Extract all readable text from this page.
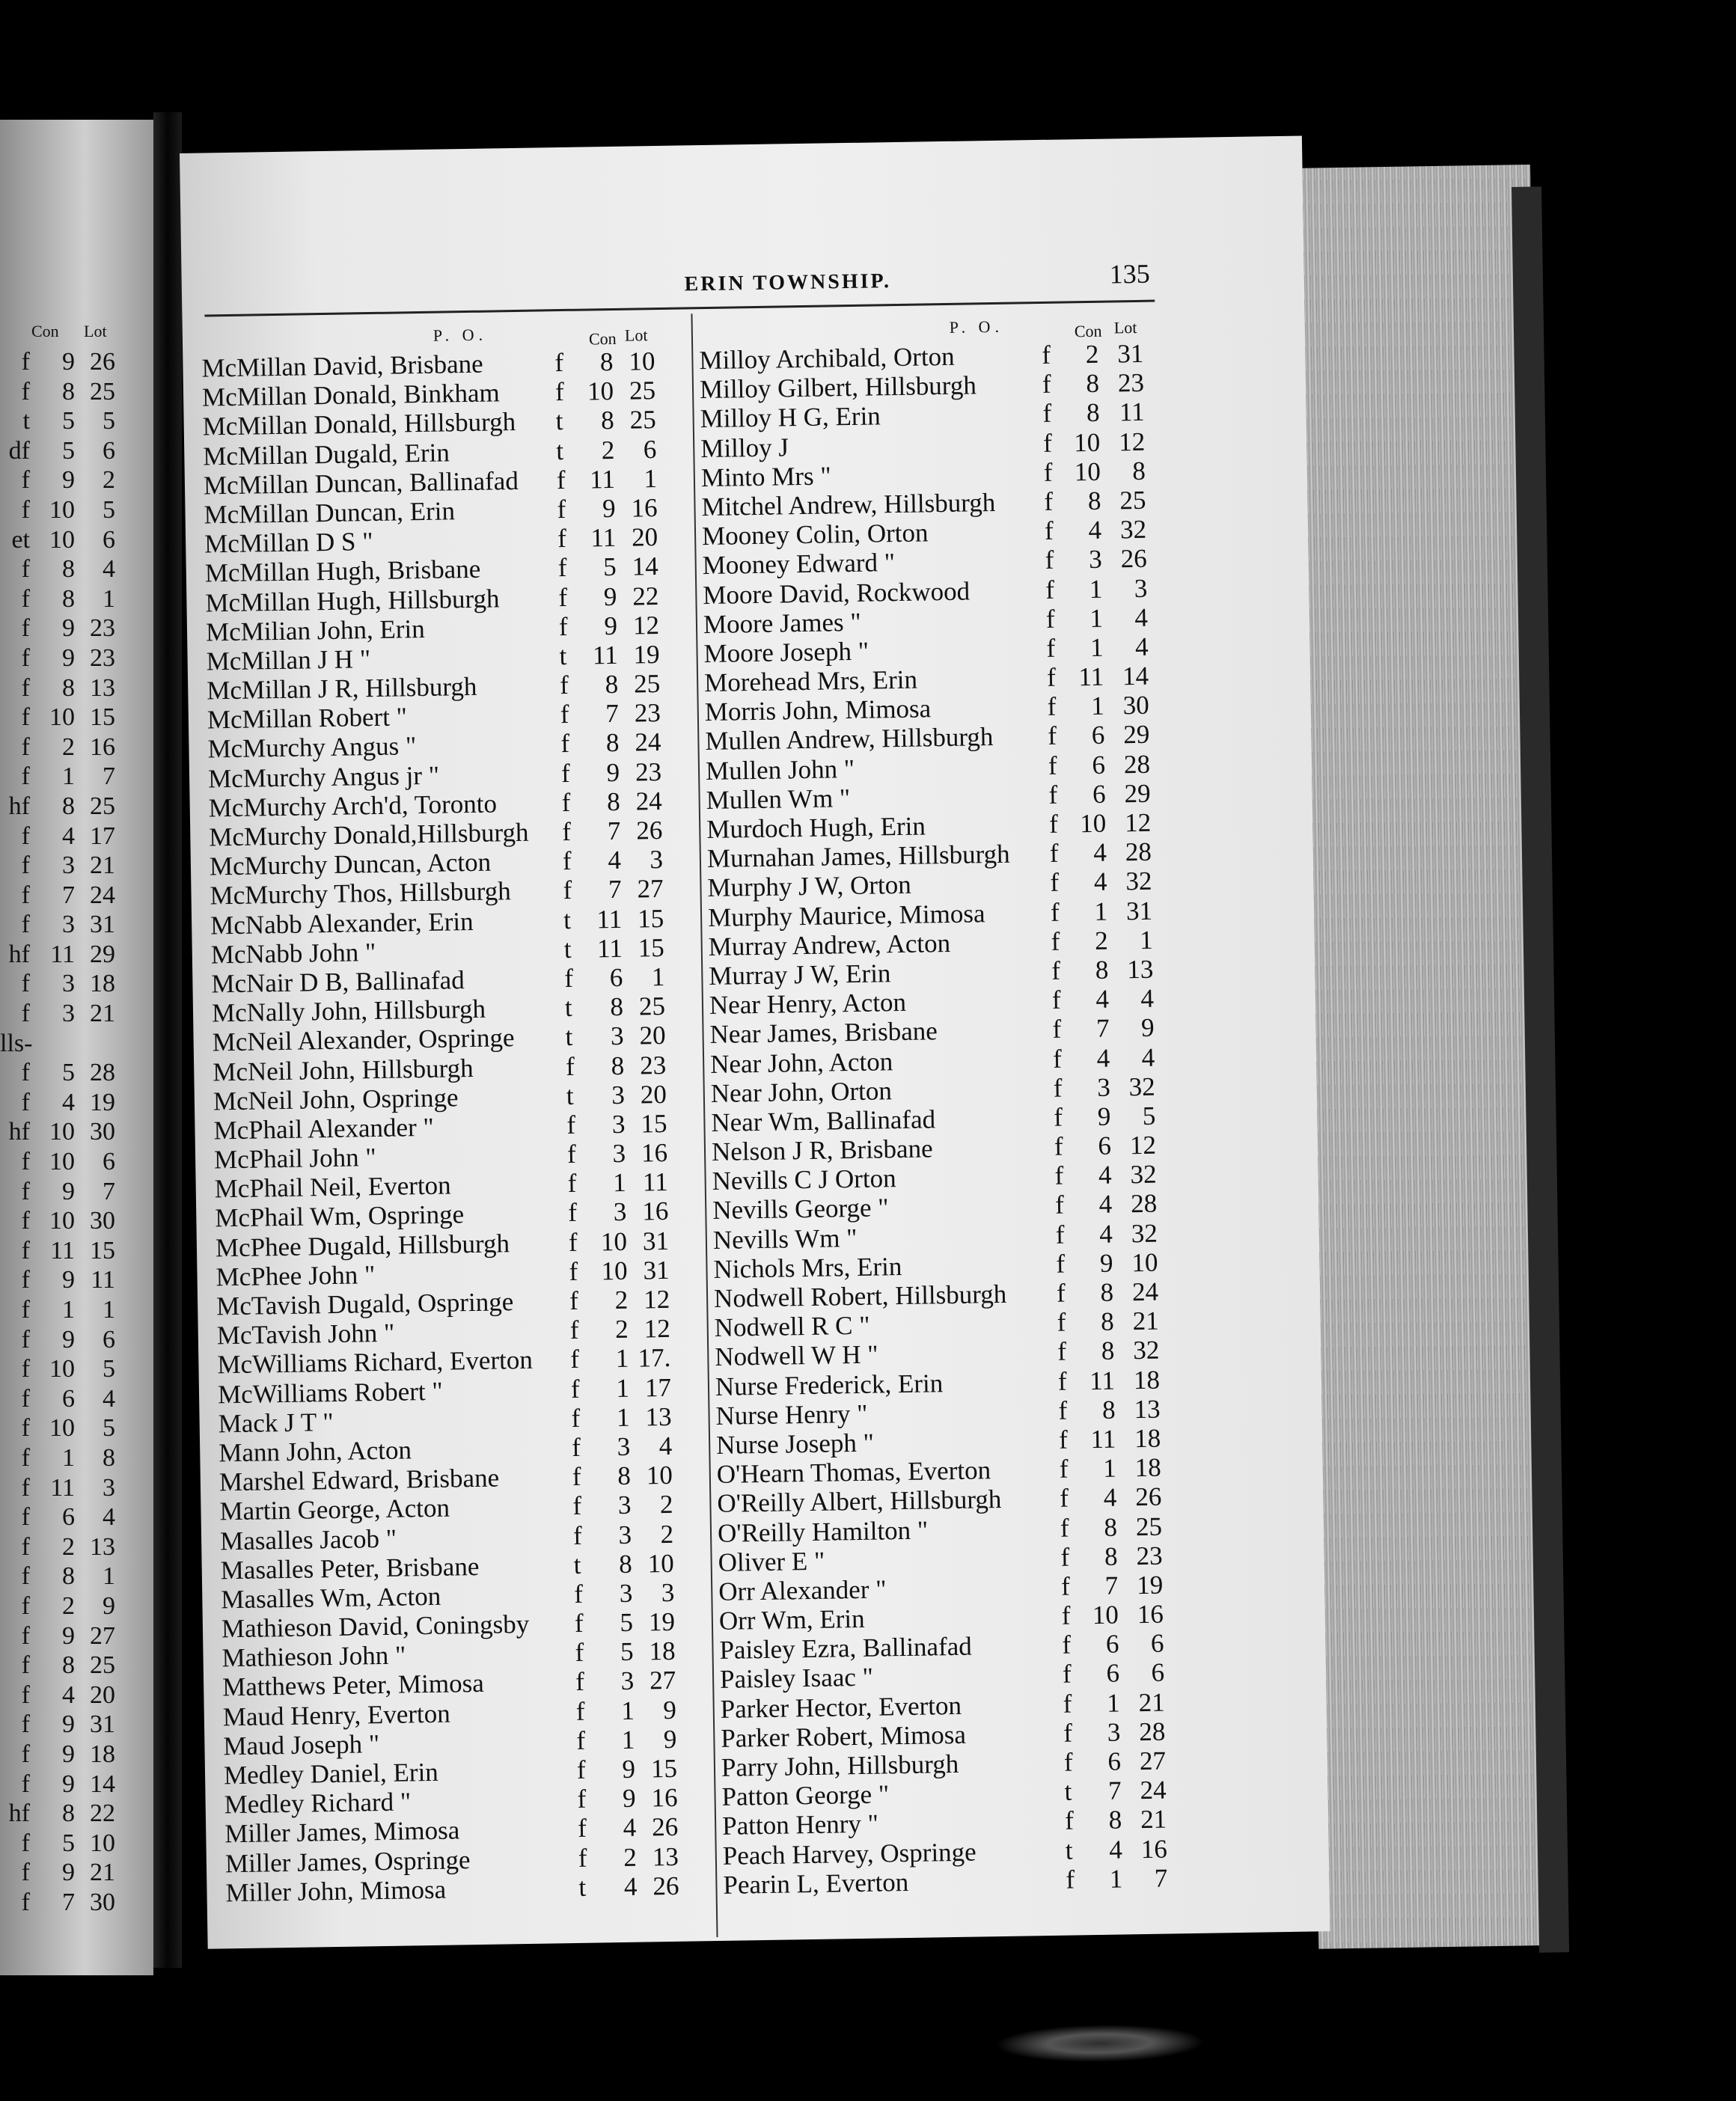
Con Lot
f	9 26
f	8 25
t	5	5
df	5	6
f	9	2
f 10	5
et 10	6
f	8	4
f	8	1
f	9 23
f	9 23
f	8 13
f 10 15
f	2 16
f	1	7
hf	8 25
f	4 17
f	3 21
f	7 24
f	3 31
hf 11 29
f	3 18
f	3 21
lls-
f	5 28
f	4 19
hf 10 30
f 10	6
f	9	7
f 10 30
f 11 15
f	9 11
f	1	1
f	9	6
f 10	5
f	6	4
f 10	5
f	1	8
f 11	3
f	6	4
f	2 13
f	8	1
f	2	9
f	9 27
f	8 25
f	4 20
f	9 31
f	9 18
f	9 14
hf	8 22
f	5 10
f	9 21
f	7 30
ERIN TOWNSHIP.	135
P. O.	Con Lot
McMillan David, Brisbane	f	8 10
McMillan Donald, Binkham f 10 25
McMillan Donald, Hillsburgh t	8 25
McMillan Dugald, Erin	t	2	6
McMillan Duncan, Ballinafad f 11	1
McMillan Duncan, Erin	f	9 16
McMillan D S "	f 11 20
McMillan Hugh, Brisbane	f	5 14
McMillan Hugh, Hillsburgh f	9 22
McMilian John, Erin	f	9 12
McMillan J H "	t 11 19
McMillan J R, Hillsburgh	f	8 25
McMillan Robert "	f	7 23
McMurchy Angus "	f	8 24
McMurchy Angus jr "	f	9 23
McMurchy Arch'd, Toronto f	8 24
McMurchy Donald,Hillsburgh f	7 26
McMurchy Duncan, Acton	f	4	3
McMurchy Thos, Hillsburgh f	7 27
McNabb Alexander, Erin	t 11 15
McNabb John "	t 11 15
McNair D B, Ballinafad	f	6	1
McNally John, Hillsburgh	t	8 25
McNeil Alexander, Ospringe t	3 20
McNeil John, Hillsburgh	f	8 23
McNeil John, Ospringe	t	3 20
McPhail Alexander "	f	3 15
McPhail John "	f	3 16
McPhail Neil, Everton	f	1 11
McPhail Wm, Ospringe	f	3 16
McPhee Dugald, Hillsburgh f 10 31
McPhee John "	f 10 31
McTavish Dugald, Ospringe f	2 12
McTavish John "	f	2 12
McWilliams Richard, Everton f	1 17.
McWilliams Robert "	f	1 17
Mack J T "	f	1 13
Mann John, Acton	f	3	4
Marshel Edward, Brisbane	f	8 10
Martin George, Acton	f	3	2
Masalles Jacob "	f	3	2
Masalles Peter, Brisbane	t	8 10
Masalles Wm, Acton	f	3	3
Mathieson David, Coningsby f	5 19
Mathieson John "	f	5 18
Matthews Peter, Mimosa	f	3 27
Maud Henry, Everton	f	1	9
Maud Joseph "	f	1	9
Medley Daniel, Erin	f	9 15
Medley Richard "	f	9 16
Miller James, Mimosa	f	4 26
Miller James, Ospringe	f	2 13
Miller John, Mimosa	t	4 26
P. O.	Con Lot
Milloy Archibald, Orton	f	2 31
Milloy Gilbert, Hillsburgh	f	8 23
Milloy H G, Erin	f	8 11
Milloy J	f 10 12
Minto Mrs "	f 10	8
Mitchel Andrew, Hillsburgh f	8 25
Mooney Colin, Orton	f	4 32
Mooney Edward "	f	3 26
Moore David, Rockwood	f	1	3
Moore James "	f	1	4
Moore Joseph "	f	1	4
Morehead Mrs, Erin	f 11 14
Morris John, Mimosa	f	1 30
Mullen Andrew, Hillsburgh f	6 29
Mullen John "	f	6 28
Mullen Wm "	f	6 29
Murdoch Hugh, Erin	f 10 12
Murnahan James, Hillsburgh f	4 28
Murphy J W, Orton	f	4 32
Murphy Maurice, Mimosa f	1 31
Murray Andrew, Acton	f	2	1
Murray J W, Erin	f	8 13
Near Henry, Acton	f	4	4
Near James, Brisbane	f	7	9
Near John, Acton	f	4	4
Near John, Orton	f	3 32
Near Wm, Ballinafad	f	9	5
Nelson J R, Brisbane	f	6 12
Nevills C J Orton	f	4 32
Nevills George "	f	4 28
Nevills Wm "	f	4 32
Nichols Mrs, Erin	f	9 10
Nodwell Robert, Hillsburgh f	8 24
Nodwell R C "	f	8 21
Nodwell W H "	f	8 32
Nurse Frederick, Erin	f 11 18
Nurse Henry "	f	8 13
Nurse Joseph "	f 11 18
O'Hearn Thomas, Everton	f	1 18
O'Reilly Albert, Hillsburgh f	4 26
O'Reilly Hamilton "	f	8 25
Oliver E "	f	8 23
Orr Alexander "	f	7 19
Orr Wm, Erin	f 10 16
Paisley Ezra, Ballinafad	f	6	6
Paisley Isaac "	f	6	6
Parker Hector, Everton	f	1 21
Parker Robert, Mimosa	f	3 28
Parry John, Hillsburgh	f	6 27
Patton George "	t	7 24
Patton Henry "	f	8 21
Peach Harvey, Ospringe	t	4 16
Pearin L, Everton	f	1	7
